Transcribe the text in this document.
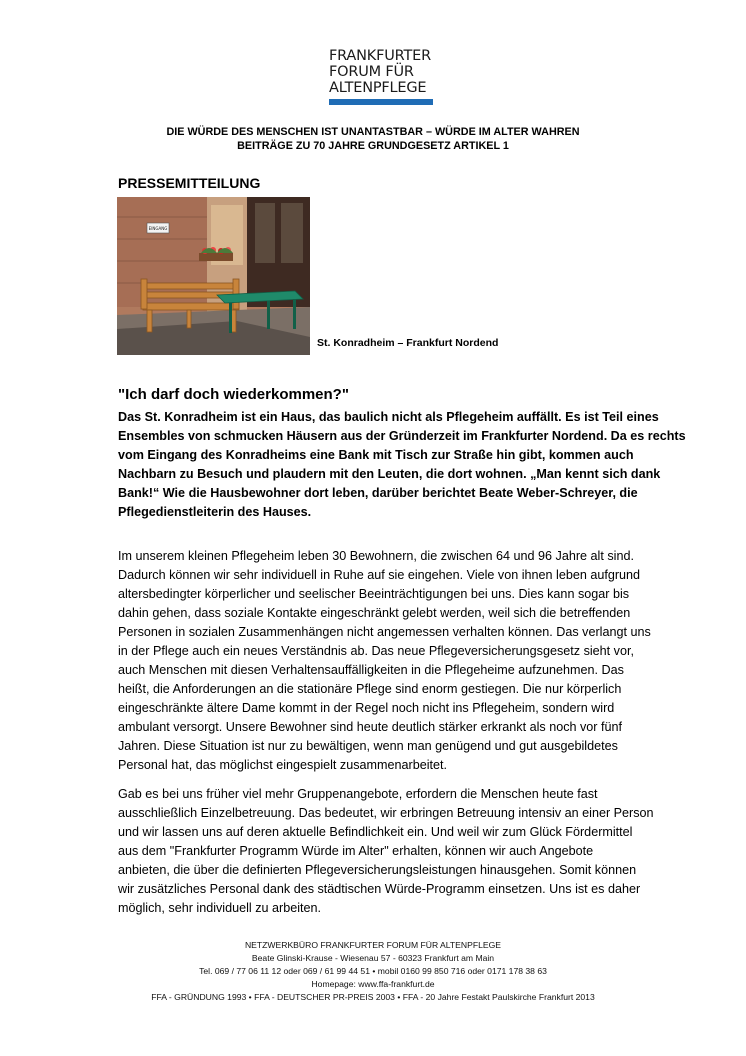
FRANKFURTER
FORUM FÜR
ALTENPFLEGE
DIE WÜRDE DES MENSCHEN IST UNANTASTBAR – WÜRDE IM ALTER WAHREN
BEITRÄGE ZU 70 JAHRE GRUNDGESETZ ARTIKEL 1
PRESSEMITTEILUNG
EINGANG
St. Konradheim – Frankfurt Nordend
"Ich darf doch wiederkommen?"
Das St. Konradheim ist ein Haus, das baulich nicht als Pflegeheim auffällt. Es ist Teil eines
Ensembles von schmucken Häusern aus der Gründerzeit im Frankfurter Nordend. Da es rechts
vom Eingang des Konradheims eine Bank mit Tisch zur Straße hin gibt, kommen auch
Nachbarn zu Besuch und plaudern mit den Leuten, die dort wohnen. „Man kennt sich dank
Bank!“ Wie die Hausbewohner dort leben, darüber berichtet Beate Weber-Schreyer, die
Pflegedienstleiterin des Hauses.
Im unserem kleinen Pflegeheim leben 30 Bewohnern, die zwischen 64 und 96 Jahre alt sind.
Dadurch können wir sehr individuell in Ruhe auf sie eingehen. Viele von ihnen leben aufgrund
altersbedingter körperlicher und seelischer Beeinträchtigungen bei uns. Dies kann sogar bis
dahin gehen, dass soziale Kontakte eingeschränkt gelebt werden, weil sich die betreffenden
Personen in sozialen Zusammenhängen nicht angemessen verhalten können. Das verlangt uns
in der Pflege auch ein neues Verständnis ab. Das neue Pflegeversicherungsgesetz sieht vor,
auch Menschen mit diesen Verhaltensauffälligkeiten in die Pflegeheime aufzunehmen. Das
heißt, die Anforderungen an die stationäre Pflege sind enorm gestiegen. Die nur körperlich
eingeschränkte ältere Dame kommt in der Regel noch nicht ins Pflegeheim, sondern wird
ambulant versorgt. Unsere Bewohner sind heute deutlich stärker erkrankt als noch vor fünf
Jahren. Diese Situation ist nur zu bewältigen, wenn man genügend und gut ausgebildetes
Personal hat, das möglichst eingespielt zusammenarbeitet.
Gab es bei uns früher viel mehr Gruppenangebote, erfordern die Menschen heute fast
ausschließlich Einzelbetreuung. Das bedeutet, wir erbringen Betreuung intensiv an einer Person
und wir lassen uns auf deren aktuelle Befindlichkeit ein. Und weil wir zum Glück Fördermittel
aus dem "Frankfurter Programm Würde im Alter" erhalten, können wir auch Angebote
anbieten, die über die definierten Pflegeversicherungsleistungen hinausgehen. Somit können
wir zusätzliches Personal dank des städtischen Würde-Programm einsetzen. Uns ist es daher
möglich, sehr individuell zu arbeiten.
NETZWERKBÜRO FRANKFURTER FORUM FÜR ALTENPFLEGE
Beate Glinski-Krause - Wiesenau 57 - 60323 Frankfurt am Main
Tel. 069 / 77 06 11 12 oder 069 / 61 99 44 51 • mobil 0160 99 850 716 oder 0171 178 38 63
Homepage: www.ffa-frankfurt.de
FFA - GRÜNDUNG 1993 • FFA - DEUTSCHER PR-PREIS 2003 • FFA - 20 Jahre Festakt Paulskirche Frankfurt 2013
